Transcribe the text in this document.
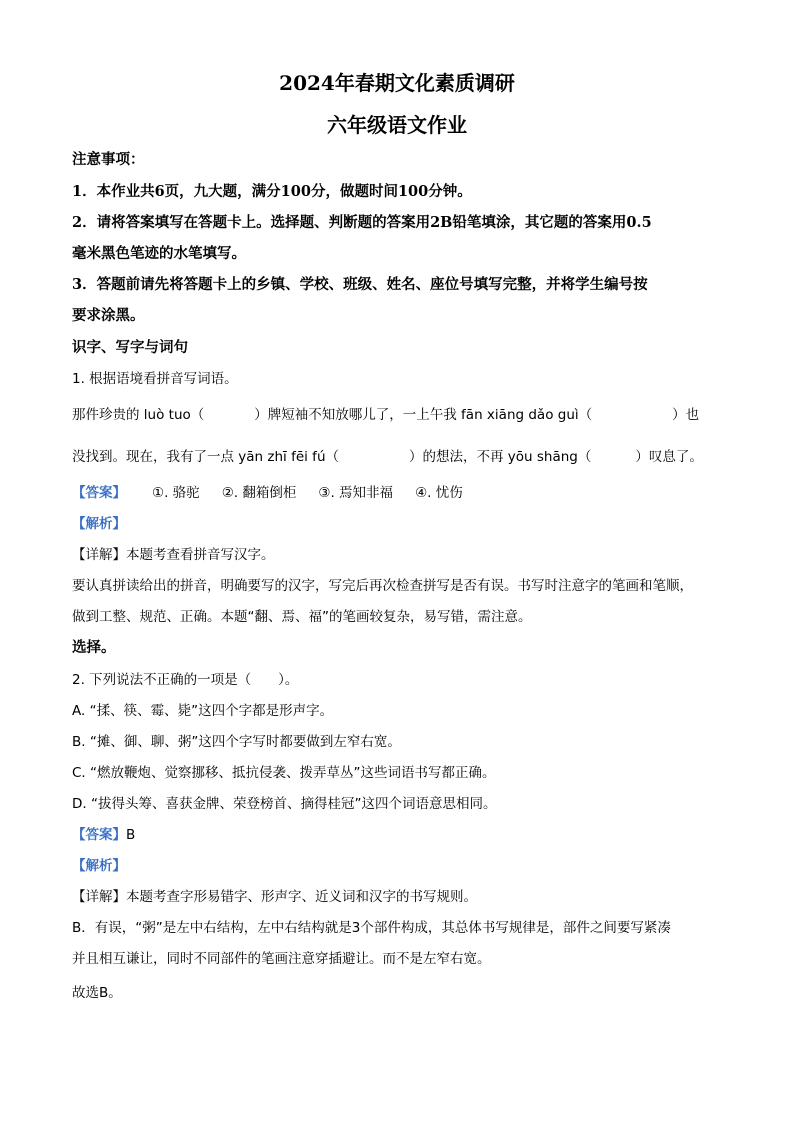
2024年春期文化素质调研
六年级语文作业
注意事项：
1．本作业共6页，九大题，满分100分，做题时间100分钟。
2．请将答案填写在答题卡上。选择题、判断题的答案用2B铅笔填涂，其它题的答案用0.5
毫米黑色笔迹的水笔填写。
3．答题前请先将答题卡上的乡镇、学校、班级、姓名、座位号填写完整，并将学生编号按
要求涂黑。
识字、写字与词句
1. 根据语境看拼音写词语。
那件珍贵的 luò tuo（	）牌短袖不知放哪儿了，一上午我 fān xiāng dǎo guì（	）也
没找到。现在，我有了一点 yān zhī fēi fú（	）的想法，不再 yōu shāng（	）叹息了。
【答案】 ①. 骆驼 ②. 翻箱倒柜 ③. 焉知非福 ④. 忧伤
【解析】
【详解】本题考查看拼音写汉字。
要认真拼读给出的拼音，明确要写的汉字，写完后再次检查拼写是否有误。书写时注意字的笔画和笔顺，
做到工整、规范、正确。本题“翻、焉、福”的笔画较复杂，易写错，需注意。
选择。
2. 下列说法不正确的一项是（　　）。
A. “揉、筷、霉、毙”这四个字都是形声字。
B. “摊、御、聊、粥”这四个字写时都要做到左窄右宽。
C. “燃放鞭炮、觉察挪移、抵抗侵袭、拨弄草丛”这些词语书写都正确。
D. “拔得头筹、喜获金牌、荣登榜首、摘得桂冠”这四个词语意思相同。
【答案】B
【解析】
【详解】本题考查字形易错字、形声字、近义词和汉字的书写规则。
B．有误，“粥”是左中右结构，左中右结构就是3个部件构成，其总体书写规律是，部件之间要写紧凑
并且相互谦让，同时不同部件的笔画注意穿插避让。而不是左窄右宽。
故选B。
